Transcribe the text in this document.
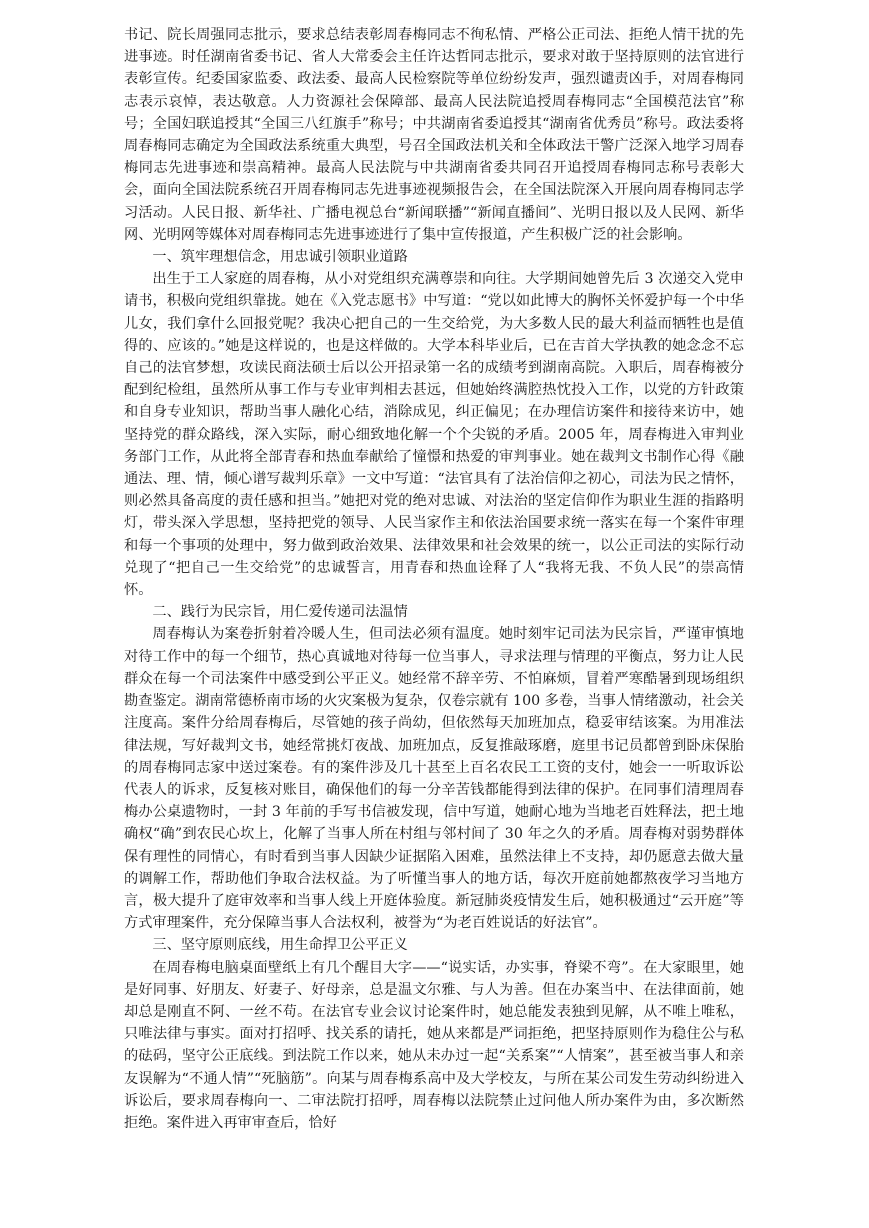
书记、院长周强同志批示，要求总结表彰周春梅同志不徇私情、严格公正司法、拒绝人情干扰的先进事迹。时任湖南省委书记、省人大常委会主任许达哲同志批示，要求对敢于坚持原则的法官进行表彰宣传。纪委国家监委、政法委、最高人民检察院等单位纷纷发声，强烈谴责凶手，对周春梅同志表示哀悼，表达敬意。人力资源社会保障部、最高人民法院追授周春梅同志“全国模范法官”称号；全国妇联追授其“全国三八红旗手”称号；中共湖南省委追授其“湖南省优秀员”称号。政法委将周春梅同志确定为全国政法系统重大典型，号召全国政法机关和全体政法干警广泛深入地学习周春梅同志先进事迹和崇高精神。最高人民法院与中共湖南省委共同召开追授周春梅同志称号表彰大会，面向全国法院系统召开周春梅同志先进事迹视频报告会，在全国法院深入开展向周春梅同志学习活动。人民日报、新华社、广播电视总台“新闻联播”“新闻直播间”、光明日报以及人民网、新华网、光明网等媒体对周春梅同志先进事迹进行了集中宣传报道，产生积极广泛的社会影响。

一、筑牢理想信念，用忠诚引领职业道路

出生于工人家庭的周春梅，从小对党组织充满尊崇和向往。大学期间她曾先后 3 次递交入党申请书，积极向党组织靠拢。她在《入党志愿书》中写道：“党以如此博大的胸怀关怀爱护每一个中华儿女，我们拿什么回报党呢？我决心把自己的一生交给党，为大多数人民的最大利益而牺牲也是值得的、应该的。”她是这样说的，也是这样做的。大学本科毕业后，已在吉首大学执教的她念念不忘自己的法官梦想，攻读民商法硕士后以公开招录第一名的成绩考到湖南高院。入职后，周春梅被分配到纪检组，虽然所从事工作与专业审判相去甚远，但她始终满腔热忱投入工作，以党的方针政策和自身专业知识，帮助当事人融化心结，消除成见，纠正偏见；在办理信访案件和接待来访中，她坚持党的群众路线，深入实际，耐心细致地化解一个个尖锐的矛盾。2005 年，周春梅进入审判业务部门工作，从此将全部青春和热血奉献给了憧憬和热爱的审判事业。她在裁判文书制作心得《融通法、理、情，倾心谱写裁判乐章》一文中写道：“法官具有了法治信仰之初心，司法为民之情怀，则必然具备高度的责任感和担当。”她把对党的绝对忠诚、对法治的坚定信仰作为职业生涯的指路明灯，带头深入学思想，坚持把党的领导、人民当家作主和依法治国要求统一落实在每一个案件审理和每一个事项的处理中，努力做到政治效果、法律效果和社会效果的统一，以公正司法的实际行动兑现了“把自己一生交给党”的忠诚誓言，用青春和热血诠释了人“我将无我、不负人民”的崇高情怀。

二、践行为民宗旨，用仁爱传递司法温情

周春梅认为案卷折射着冷暖人生，但司法必须有温度。她时刻牢记司法为民宗旨，严谨审慎地对待工作中的每一个细节，热心真诚地对待每一位当事人，寻求法理与情理的平衡点，努力让人民群众在每一个司法案件中感受到公平正义。她经常不辞辛劳、不怕麻烦，冒着严寒酷暑到现场组织勘查鉴定。湖南常德桥南市场的火灾案极为复杂，仅卷宗就有 100 多卷，当事人情绪激动，社会关注度高。案件分给周春梅后，尽管她的孩子尚幼，但依然每天加班加点，稳妥审结该案。为用准法律法规，写好裁判文书，她经常挑灯夜战、加班加点，反复推敲琢磨，庭里书记员都曾到卧床保胎的周春梅同志家中送过案卷。有的案件涉及几十甚至上百名农民工工资的支付，她会一一听取诉讼代表人的诉求，反复核对账目，确保他们的每一分辛苦钱都能得到法律的保护。在同事们清理周春梅办公桌遗物时，一封 3 年前的手写书信被发现，信中写道，她耐心地为当地老百姓释法，把土地确权“确”到农民心坎上，化解了当事人所在村组与邻村间了 30 年之久的矛盾。周春梅对弱势群体保有理性的同情心，有时看到当事人因缺少证据陷入困难，虽然法律上不支持，却仍愿意去做大量的调解工作，帮助他们争取合法权益。为了听懂当事人的地方话，每次开庭前她都熬夜学习当地方言，极大提升了庭审效率和当事人线上开庭体验度。新冠肺炎疫情发生后，她积极通过“云开庭”等方式审理案件，充分保障当事人合法权利，被誉为“为老百姓说话的好法官”。

三、坚守原则底线，用生命捍卫公平正义

在周春梅电脑桌面壁纸上有几个醒目大字——“说实话，办实事，脊梁不弯”。在大家眼里，她是好同事、好朋友、好妻子、好母亲，总是温文尔雅、与人为善。但在办案当中、在法律面前，她却总是刚直不阿、一丝不苟。在法官专业会议讨论案件时，她总能发表独到见解，从不唯上唯私，只唯法律与事实。面对打招呼、找关系的请托，她从来都是严词拒绝，把坚持原则作为稳住公与私的砝码，坚守公正底线。到法院工作以来，她从未办过一起“关系案”“人情案”，甚至被当事人和亲友误解为“不通人情”“死脑筋”。向某与周春梅系高中及大学校友，与所在某公司发生劳动纠纷进入诉讼后，要求周春梅向一、二审法院打招呼，周春梅以法院禁止过问他人所办案件为由，多次断然拒绝。案件进入再审审查后，恰好
